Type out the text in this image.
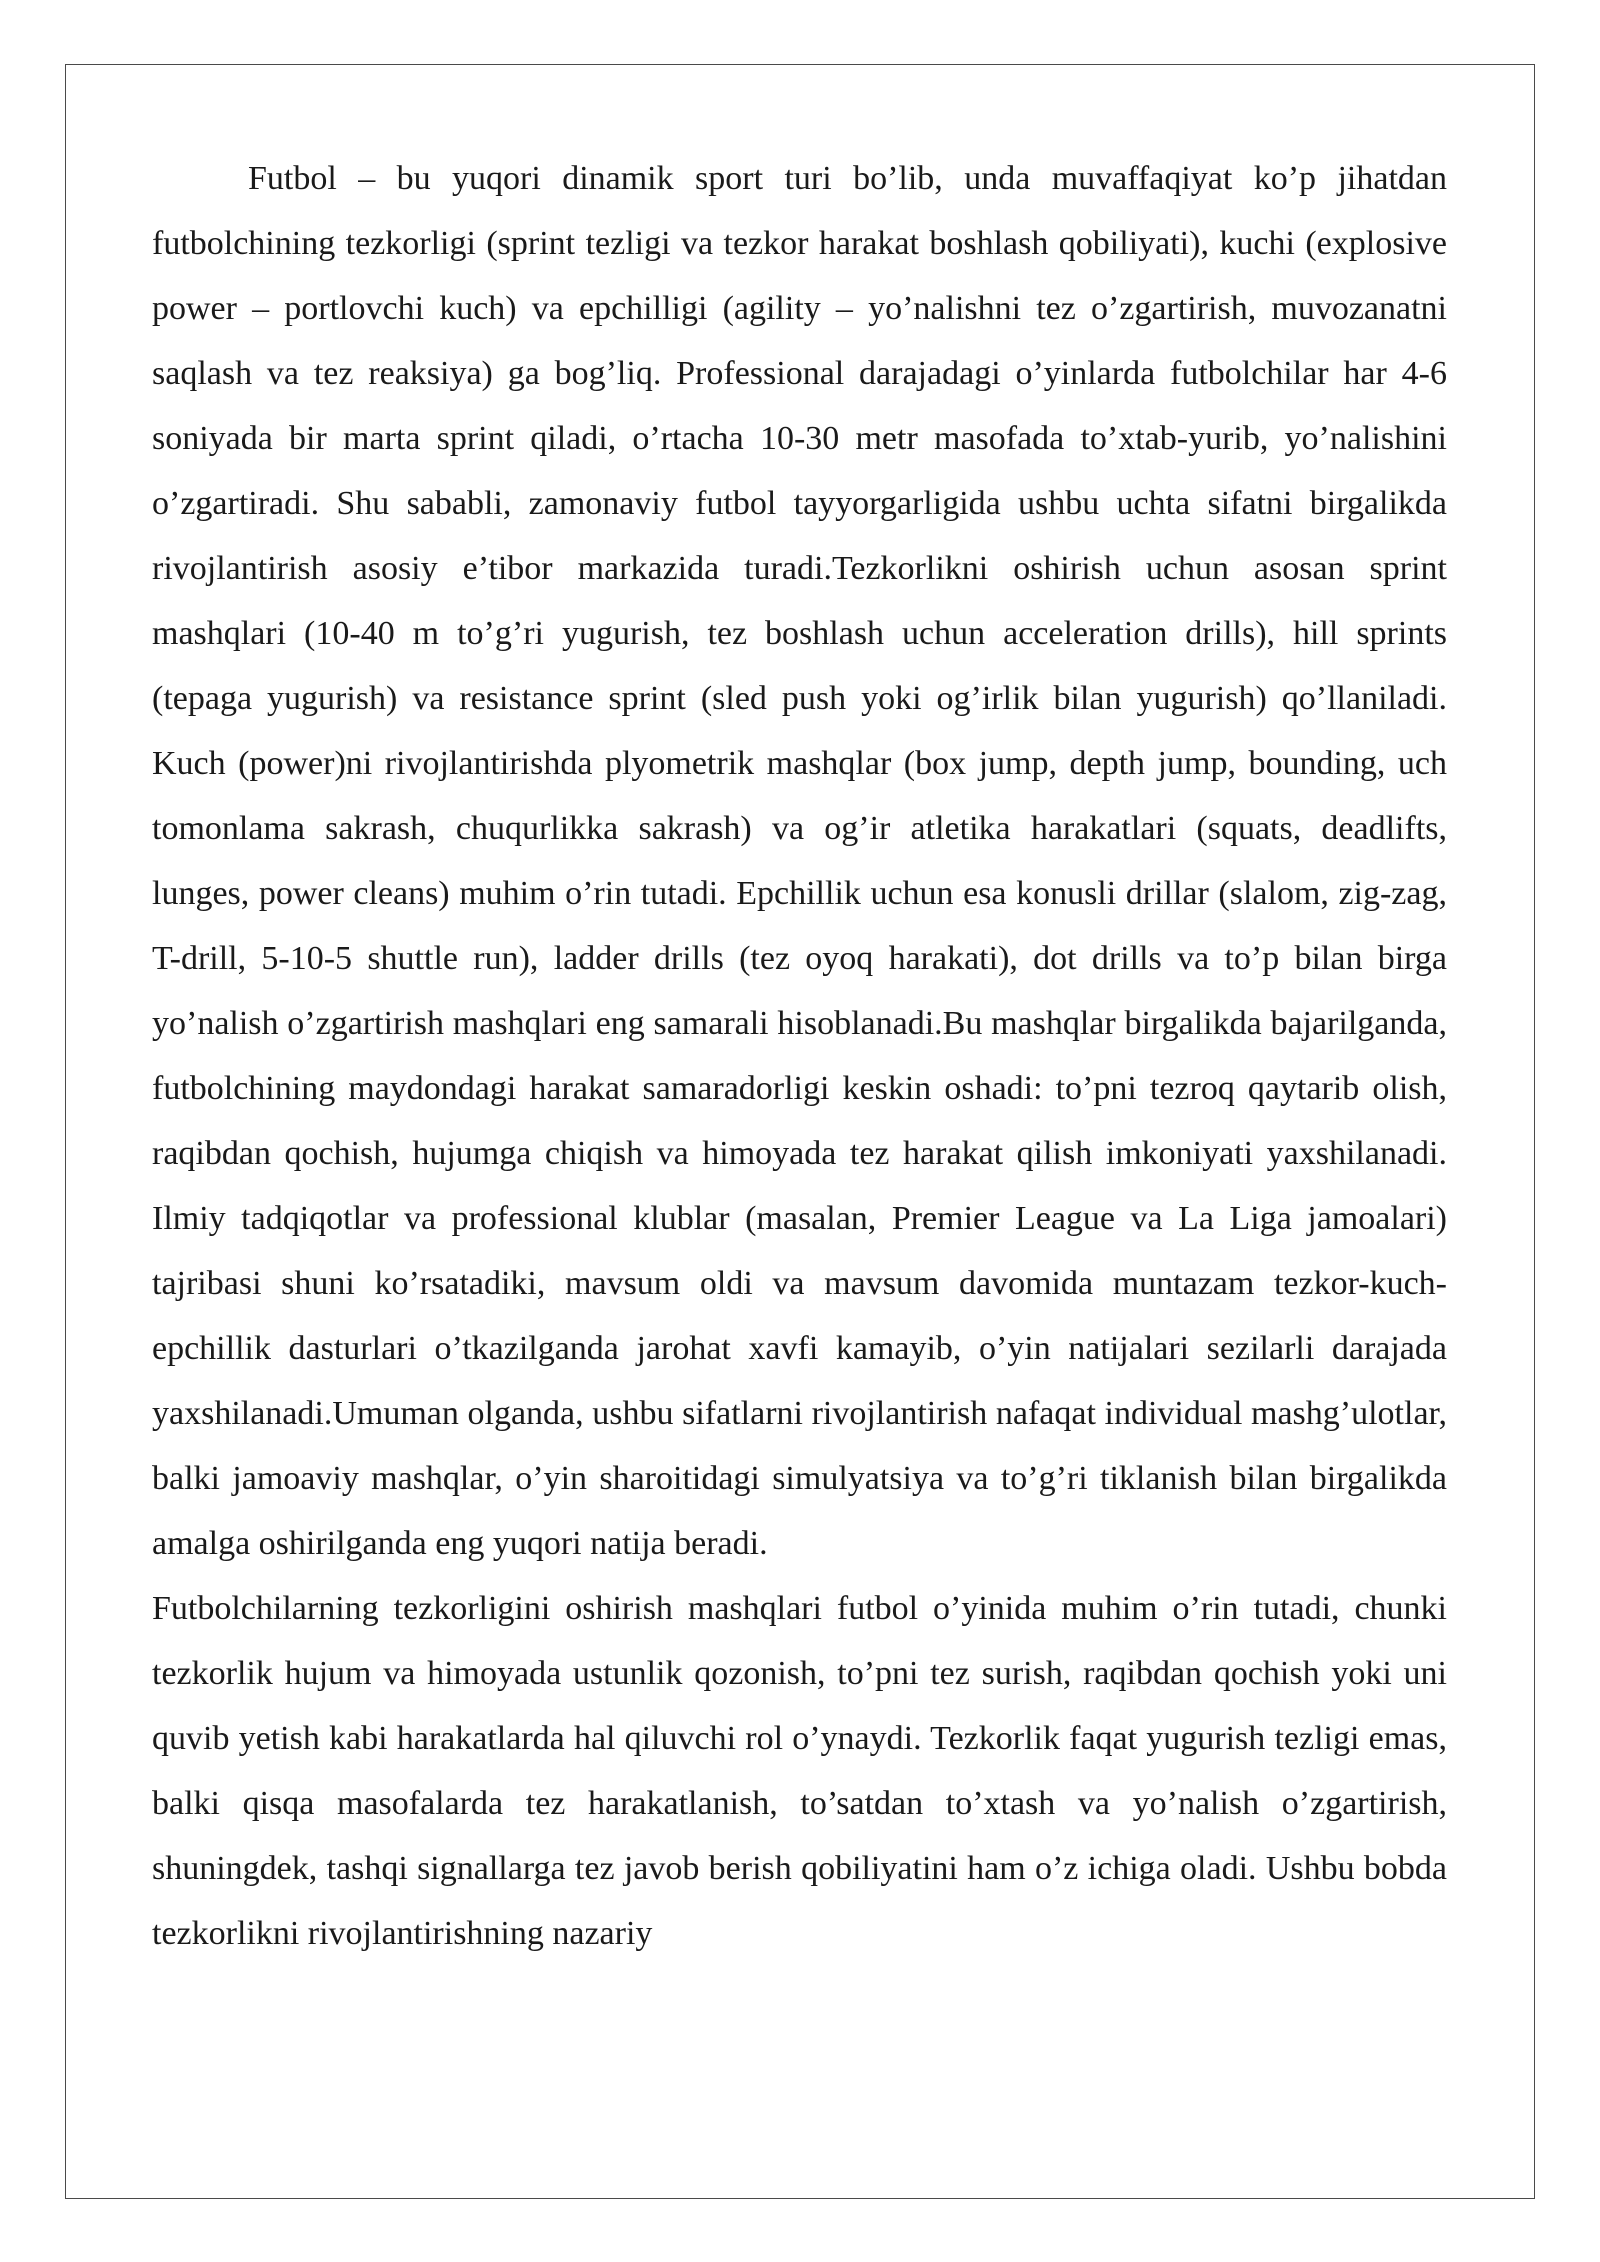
Futbol – bu yuqori dinamik sport turi bo’lib, unda muvaffaqiyat ko’p jihatdan futbolchining tezkorligi (sprint tezligi va tezkor harakat boshlash qobiliyati), kuchi (explosive power – portlovchi kuch) va epchilligi (agility – yo’nalishni tez o’zgartirish, muvozanatni saqlash va tez reaksiya) ga bog’liq. Professional darajadagi o’yinlarda futbolchilar har 4-6 soniyada bir marta sprint qiladi, o’rtacha 10-30 metr masofada to’xtab-yurib, yo’nalishini o’zgartiradi. Shu sababli, zamonaviy futbol tayyorgarligida ushbu uchta sifatni birgalikda rivojlantirish asosiy e’tibor markazida turadi.Tezkorlikni oshirish uchun asosan sprint mashqlari (10-40 m to’g’ri yugurish, tez boshlash uchun acceleration drills), hill sprints (tepaga yugurish) va resistance sprint (sled push yoki og’irlik bilan yugurish) qo’llaniladi. Kuch (power)ni rivojlantirishda plyometrik mashqlar (box jump, depth jump, bounding, uch tomonlama sakrash, chuqurlikka sakrash) va og’ir atletika harakatlari (squats, deadlifts, lunges, power cleans) muhim o’rin tutadi. Epchillik uchun esa konusli drillar (slalom, zig-zag, T-drill, 5-10-5 shuttle run), ladder drills (tez oyoq harakati), dot drills va to’p bilan birga yo’nalish o’zgartirish mashqlari eng samarali hisoblanadi.Bu mashqlar birgalikda bajarilganda, futbolchining maydondagi harakat samaradorligi keskin oshadi: to’pni tezroq qaytarib olish, raqibdan qochish, hujumga chiqish va himoyada tez harakat qilish imkoniyati yaxshilanadi. Ilmiy tadqiqotlar va professional klublar (masalan, Premier League va La Liga jamoalari) tajribasi shuni ko’rsatadiki, mavsum oldi va mavsum davomida muntazam tezkor-kuch-epchillik dasturlari o’tkazilganda jarohat xavfi kamayib, o’yin natijalari sezilarli darajada yaxshilanadi.Umuman olganda, ushbu sifatlarni rivojlantirish nafaqat individual mashg’ulotlar, balki jamoaviy mashqlar, o’yin sharoitidagi simulyatsiya va to’g’ri tiklanish bilan birgalikda amalga oshirilganda eng yuqori natija beradi.

Futbolchilarning tezkorligini oshirish mashqlari futbol o’yinida muhim o’rin tutadi, chunki tezkorlik hujum va himoyada ustunlik qozonish, to’pni tez surish, raqibdan qochish yoki uni quvib yetish kabi harakatlarda hal qiluvchi rol o’ynaydi. Tezkorlik faqat yugurish tezligi emas, balki qisqa masofalarda tez harakatlanish, to’satdan to’xtash va yo’nalish o’zgartirish, shuningdek, tashqi signallarga tez javob berish qobiliyatini ham o’z ichiga oladi. Ushbu bobda tezkorlikni rivojlantirishning nazariy
